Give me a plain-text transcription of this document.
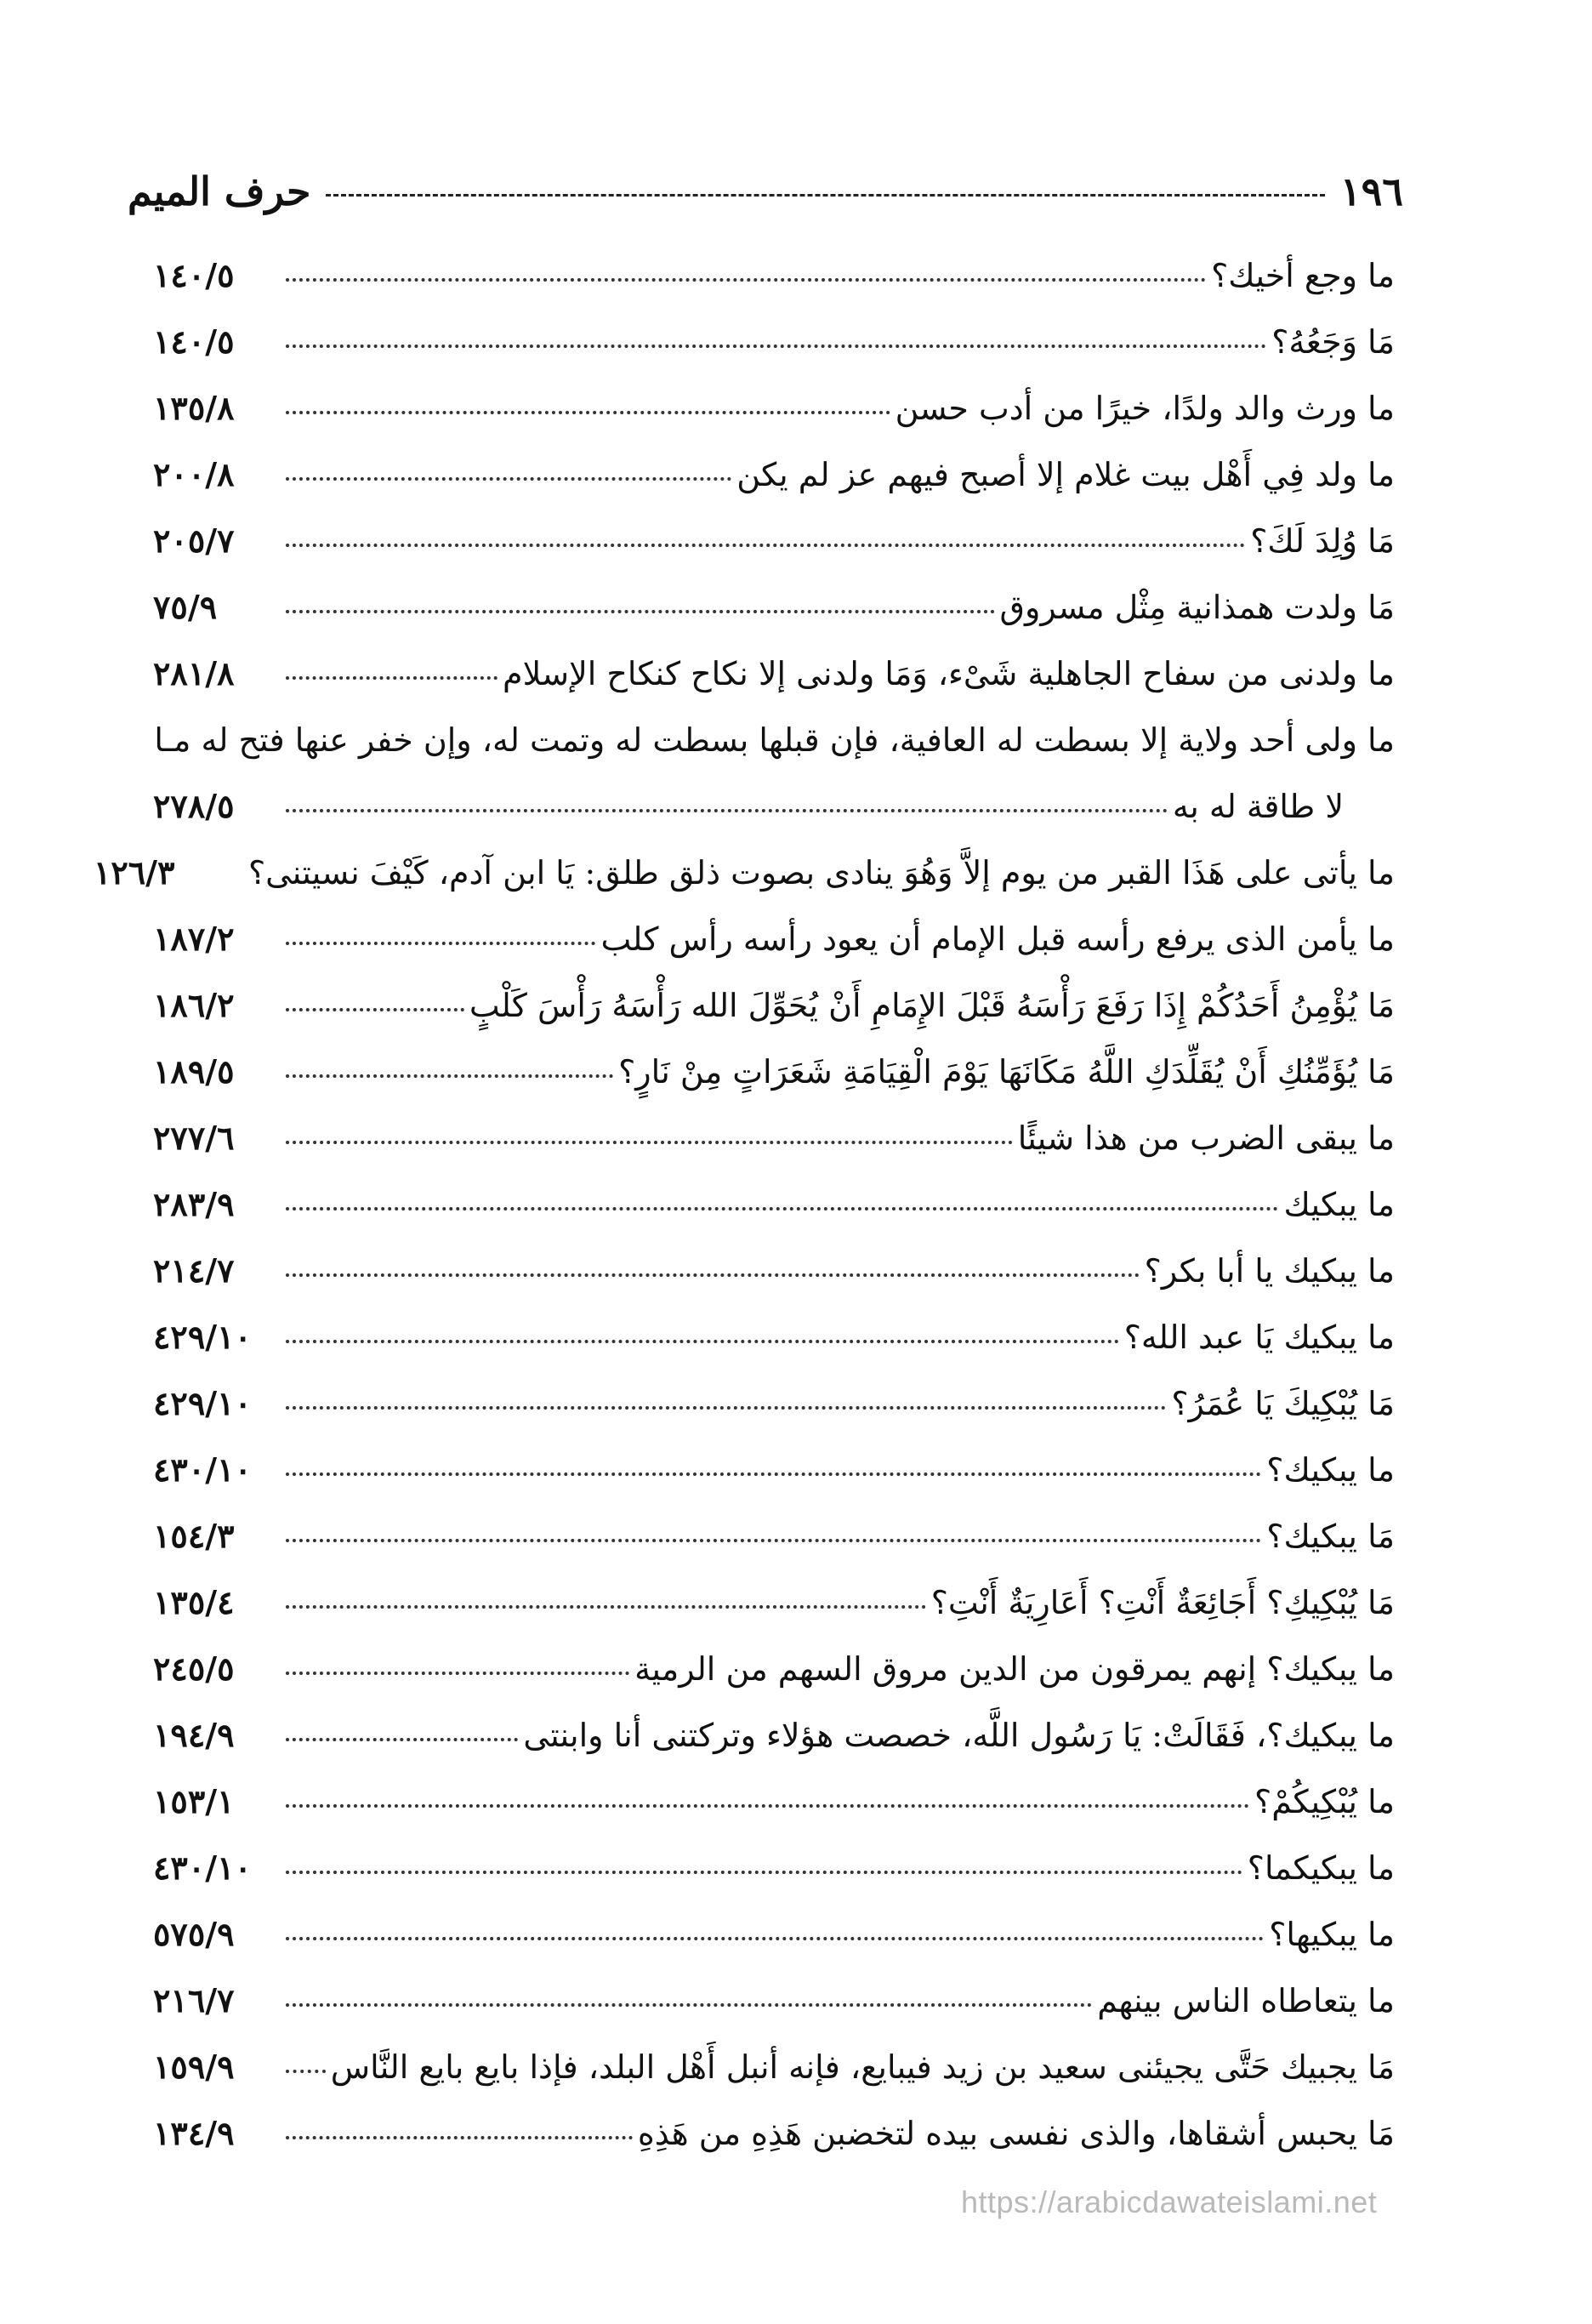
١٩٦
حرف الميم
ما وجع أخيك؟
١٤٠/٥
مَا وَجَعُهُ؟
١٤٠/٥
ما ورث والد ولدًا، خيرًا من أدب حسن
١٣٥/٨
ما ولد فِي أَهْل بيت غلام إلا أصبح فيهم عز لم يكن
٢٠٠/٨
مَا وُلِدَ لَكَ؟
٢٠٥/٧
مَا ولدت همذانية مِثْل مسروق
٧٥/٩
ما ولدنى من سفاح الجاهلية شَىْء، وَمَا ولدنى إلا نكاح كنكاح الإسلام
٢٨١/٨
ما ولى أحد ولاية إلا بسطت له العافية، فإن قبلها بسطت له وتمت له، وإن خفر عنها فتح له مـا
لا طاقة له به
٢٧٨/٥
ما يأتى على هَذَا القبر من يوم إلاَّ وَهُوَ ينادى بصوت ذلق طلق: يَا ابن آدم، كَيْفَ نسيتنى؟
١٢٦/٣
ما يأمن الذى يرفع رأسه قبل الإمام أن يعود رأسه رأس كلب
١٨٧/٢
مَا يُؤْمِنُ أَحَدُكُمْ إِذَا رَفَعَ رَأْسَهُ قَبْلَ الإِمَامِ أَنْ يُحَوِّلَ الله رَأْسَهُ رَأْسَ كَلْبٍ
١٨٦/٢
مَا يُؤَمِّنُكِ أَنْ يُقَلِّدَكِ اللَّهُ مَكَانَهَا يَوْمَ الْقِيَامَةِ شَعَرَاتٍ مِنْ نَارٍ؟
١٨٩/٥
ما يبقى الضرب من هذا شيئًا
٢٧٧/٦
ما يبكيك
٢٨٣/٩
ما يبكيك يا أبا بكر؟
٢١٤/٧
ما يبكيك يَا عبد الله؟
٤٢٩/١٠
مَا يُبْكِيكَ يَا عُمَرُ؟
٤٢٩/١٠
ما يبكيك؟
٤٣٠/١٠
مَا يبكيك؟
١٥٤/٣
مَا يُبْكِيكِ؟ أَجَائِعَةٌ أَنْتِ؟ أَعَارِيَةٌ أَنْتِ؟
١٣٥/٤
ما يبكيك؟ إنهم يمرقون من الدين مروق السهم من الرمية
٢٤٥/٥
ما يبكيك؟، فَقَالَتْ: يَا رَسُول اللَّه، خصصت هؤلاء وتركتنى أنا وابنتى
١٩٤/٩
ما يُبْكِيكُمْ؟
١٥٣/١
ما يبكيكما؟
٤٣٠/١٠
ما يبكيها؟
٥٧٥/٩
ما يتعاطاه الناس بينهم
٢١٦/٧
مَا يجبيك حَتَّى يجيئنى سعيد بن زيد فيبايع، فإنه أنبل أَهْل البلد، فإذا بايع بايع النَّاس
١٥٩/٩
مَا يحبس أشقاها، والذى نفسى بيده لتخضبن هَذِهِ من هَذِهِ
١٣٤/٩
https://arabicdawateislami.net
